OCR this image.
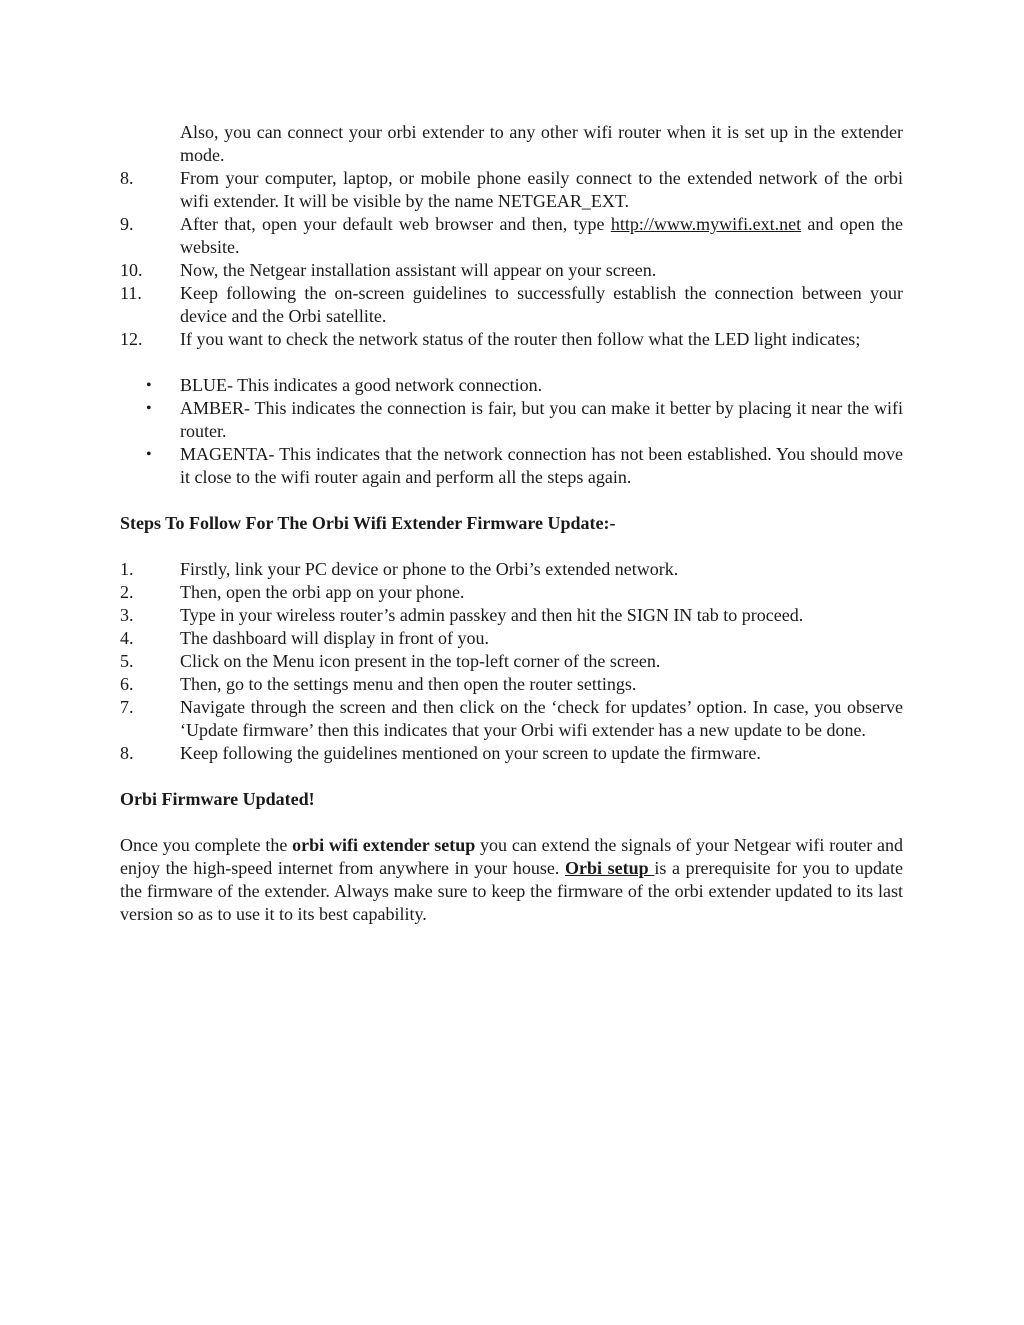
Also, you can connect your orbi extender to any other wifi router when it is set up in the extender mode.
8 .	From your computer, laptop, or mobile phone easily connect to the extended network of the orbi wifi extender. It will be visible by the name NETGEAR_EXT.
9 .	After that, open your default web browser and then, type http://www.mywifi.ext.net and open the website.
10 .	Now, the Netgear installation assistant will appear on your screen.
11 .	Keep following the on-screen guidelines to successfully establish the connection between your device and the Orbi satellite.
12 .	If you want to check the network status of the router then follow what the LED light indicates;
• BLUE- This indicates a good network connection.
• AMBER- This indicates the connection is fair, but you can make it better by placing it near the wifi router.
• MAGENTA- This indicates that the network connection has not been established. You should move it close to the wifi router again and perform all the steps again.
Steps To Follow For The Orbi Wifi Extender Firmware Update:-
1 .	Firstly, link your PC device or phone to the Orbi’s extended network.
2 .	Then, open the orbi app on your phone.
3 .	Type in your wireless router’s admin passkey and then hit the SIGN IN tab to proceed.
4 .	The dashboard will display in front of you.
5 .	Click on the Menu icon present in the top-left corner of the screen.
6 .	Then, go to the settings menu and then open the router settings.
7 .	Navigate through the screen and then click on the ‘check for updates’ option. In case, you observe ‘Update firmware’ then this indicates that your Orbi wifi extender has a new update to be done.
8 .	Keep following the guidelines mentioned on your screen to update the firmware.
Orbi Firmware Updated!

Once you complete the orbi wifi extender setup you can extend the signals of your Netgear wifi router and enjoy the high-speed internet from anywhere in your house. Orbi setup is a prerequisite for you to update the firmware of the extender. Always make sure to keep the firmware of the orbi extender updated to its last version so as to use it to its best capability.
